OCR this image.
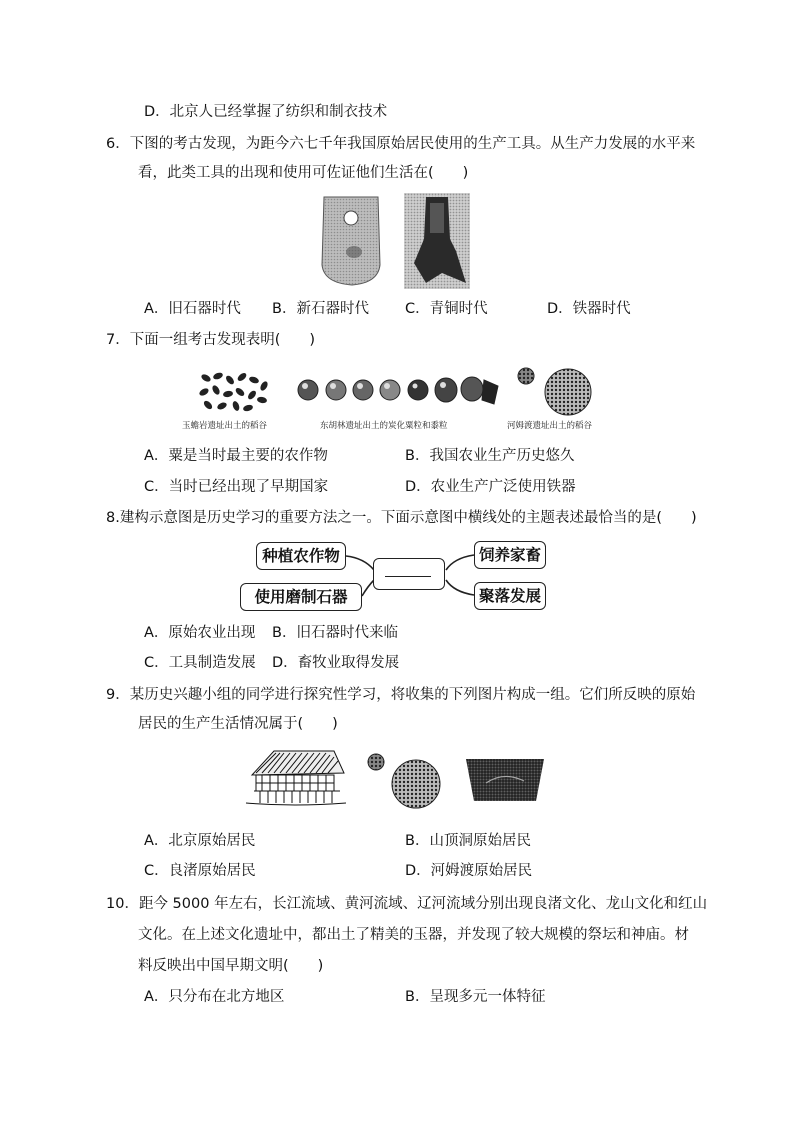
D．北京人已经掌握了纺织和制衣技术
6．下图的考古发现，为距今六七千年我国原始居民使用的生产工具。从生产力发展的水平来
看，此类工具的出现和使用可佐证他们生活在(　　)
A．旧石器时代 B．新石器时代 C．青铜时代	D．铁器时代
7．下面一组考古发现表明(　　)
玉蟾岩遗址出土的稻谷	东胡林遗址出土的炭化粟粒和黍粒	河姆渡遗址出土的稻谷
A．粟是当时最主要的农作物	B．我国农业生产历史悠久
C．当时已经出现了早期国家	D．农业生产广泛使用铁器
8.建构示意图是历史学习的重要方法之一。下面示意图中横线处的主题表述最恰当的是(　　)
种植农作物
使用磨制石器
饲养家畜
聚落发展
A．原始农业出现 B．旧石器时代来临
C．工具制造发展 D．畜牧业取得发展
9．某历史兴趣小组的同学进行探究性学习，将收集的下列图片构成一组。它们所反映的原始
居民的生产生活情况属于(　　)
A．北京原始居民	B．山顶洞原始居民
C．良渚原始居民	D．河姆渡原始居民
10．距今 5000 年左右，长江流域、黄河流域、辽河流域分别出现良渚文化、龙山文化和红山
文化。在上述文化遗址中，都出土了精美的玉器，并发现了较大规模的祭坛和神庙。材
料反映出中国早期文明(　　)
A．只分布在北方地区	B．呈现多元一体特征
